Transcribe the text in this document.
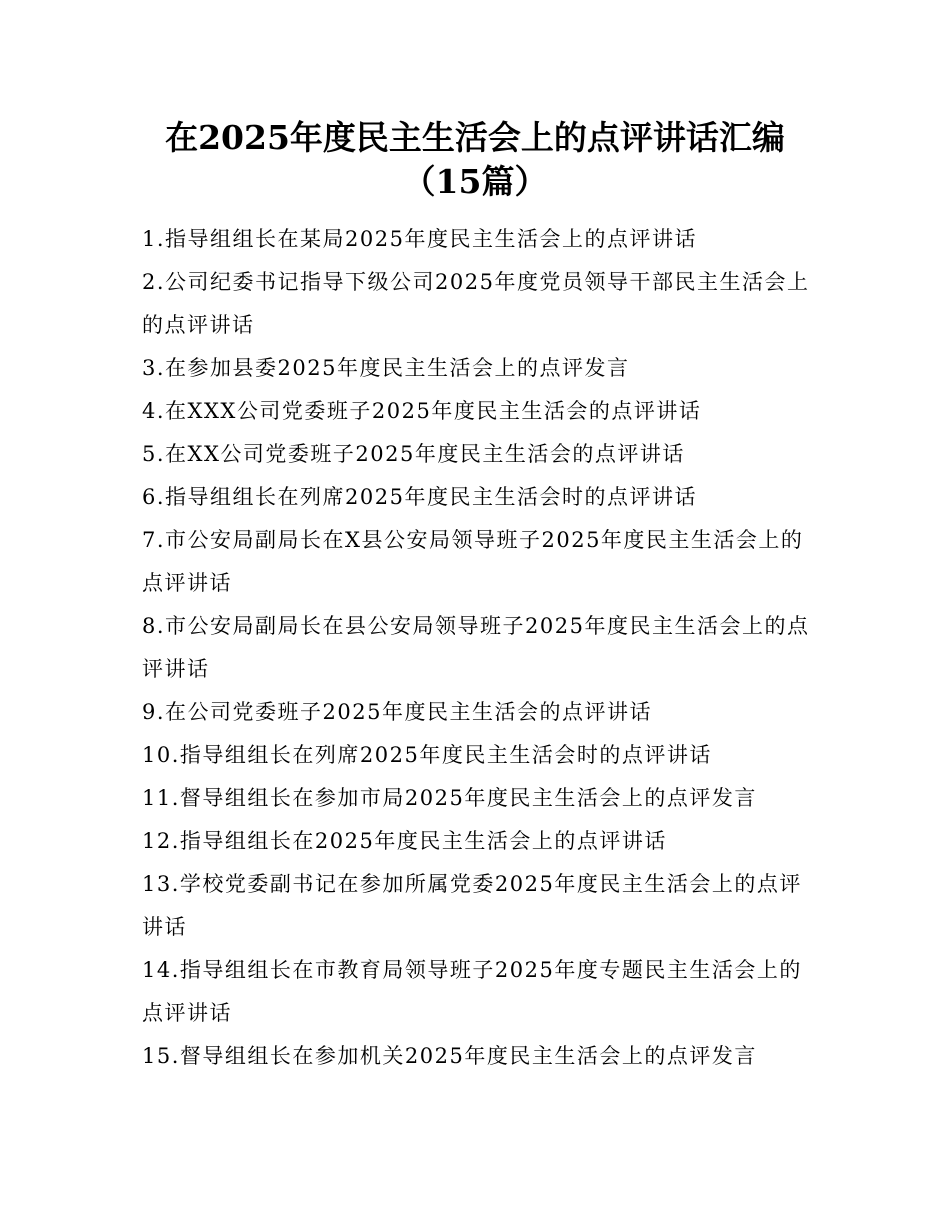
在2025年度民主生活会上的点评讲话汇编
（15篇）
1.指导组组长在某局2025年度民主生活会上的点评讲话
2.公司纪委书记指导下级公司2025年度党员领导干部民主生活会上的点评讲话
3.在参加县委2025年度民主生活会上的点评发言
4.在XXX公司党委班子2025年度民主生活会的点评讲话
5.在XX公司党委班子2025年度民主生活会的点评讲话
6.指导组组长在列席2025年度民主生活会时的点评讲话
7.市公安局副局长在X县公安局领导班子2025年度民主生活会上的点评讲话
8.市公安局副局长在县公安局领导班子2025年度民主生活会上的点评讲话
9.在公司党委班子2025年度民主生活会的点评讲话
10.指导组组长在列席2025年度民主生活会时的点评讲话
11.督导组组长在参加市局2025年度民主生活会上的点评发言
12.指导组组长在2025年度民主生活会上的点评讲话
13.学校党委副书记在参加所属党委2025年度民主生活会上的点评讲话
14.指导组组长在市教育局领导班子2025年度专题民主生活会上的点评讲话
15.督导组组长在参加机关2025年度民主生活会上的点评发言
